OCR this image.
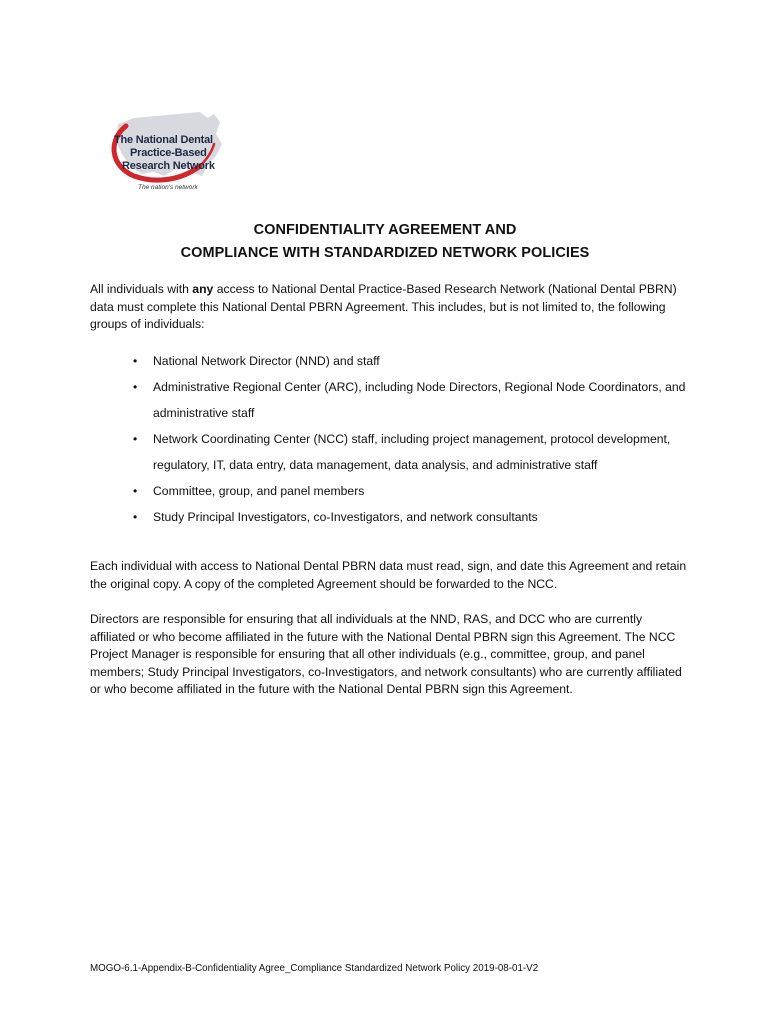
The National Dental
Practice-Based
Research Network
The nation's network
CONFIDENTIALITY AGREEMENT AND
COMPLIANCE WITH STANDARDIZED NETWORK POLICIES

All individuals with any access to National Dental Practice-Based Research Network (National Dental PBRN) data must complete this National Dental PBRN Agreement. This includes, but is not limited to, the following groups of individuals:

• National Network Director (NND) and staff
• Administrative Regional Center (ARC), including Node Directors, Regional Node Coordinators, and administrative staff
• Network Coordinating Center (NCC) staff, including project management, protocol development, regulatory, IT, data entry, data management, data analysis, and administrative staff
• Committee, group, and panel members
• Study Principal Investigators, co-Investigators, and network consultants

Each individual with access to National Dental PBRN data must read, sign, and date this Agreement and retain the original copy. A copy of the completed Agreement should be forwarded to the NCC.

Directors are responsible for ensuring that all individuals at the NND, RAS, and DCC who are currently affiliated or who become affiliated in the future with the National Dental PBRN sign this Agreement. The NCC Project Manager is responsible for ensuring that all other individuals (e.g., committee, group, and panel members; Study Principal Investigators, co-Investigators, and network consultants) who are currently affiliated or who become affiliated in the future with the National Dental PBRN sign this Agreement.

MOGO-6.1-Appendix-B-Confidentiality Agree_Compliance Standardized Network Policy 2019-08-01-V2
